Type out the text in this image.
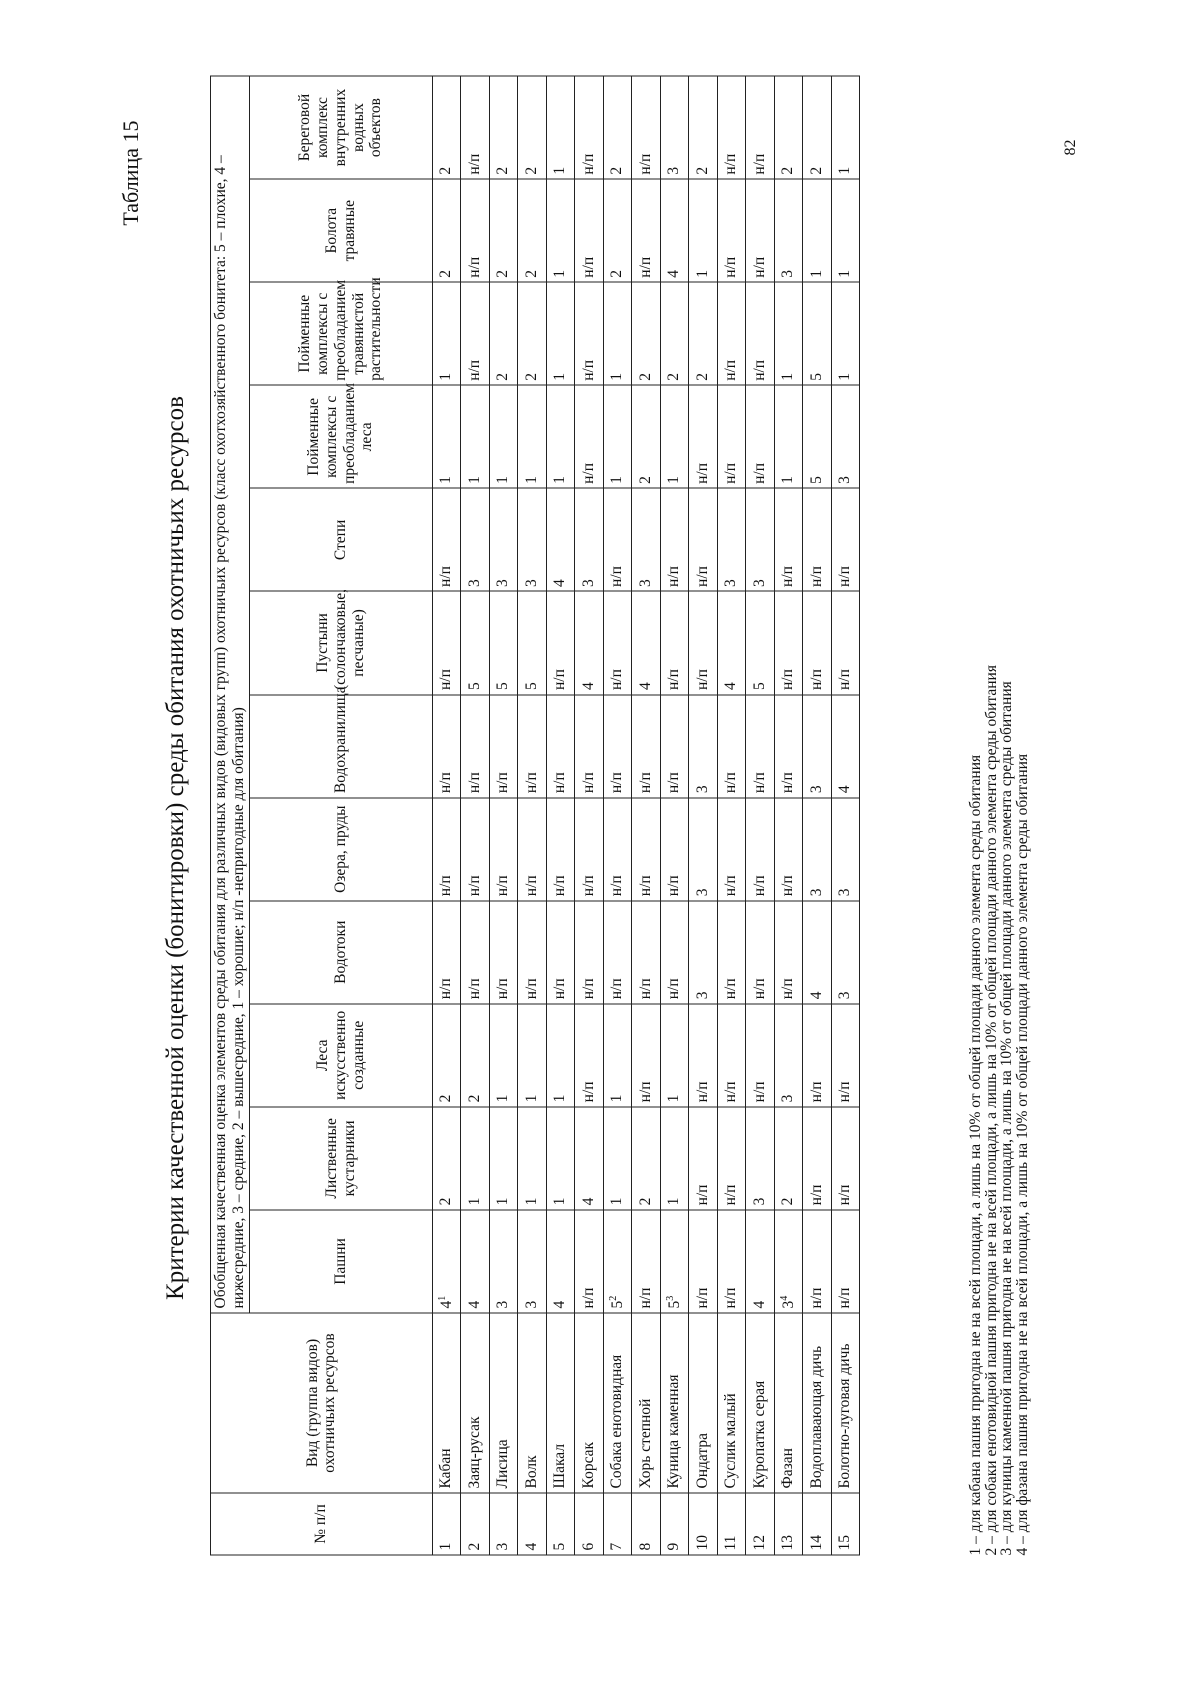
Таблица 15
Критерии качественной оценки (бонитировки) среды обитания охотничьих ресурсов
№ п/п	Вид (группа видов) охотничьих ресурсов	Обобщенная качественная оценка элементов среды обитания для различных видов (видовых групп) охотничьих ресурсов (класс охотхозяйственного бонитета: 5 – плохие, 4 – нижесредние, 3 – средние, 2 – вышесредние, 1 – хорошие; н/п -непригодные для обитания)											
		Пашни	Лиственные кустарники	Леса искусственно созданные	Водотоки	Озера, пруды	Водохранилища	Пустыни (солончаковые, песчаные)	Степи	Пойменные комплексы с преобладанием леса	Пойменные комплексы с преобладанием травянистой растительности	Болота травяные	Береговой комплекс внутренних водных объектов
1	Кабан	$4^1$	2	2	н/п	н/п	н/п	н/п	н/п	1	1	2	2
2	Заяц-русак	4	1	2	н/п	н/п	н/п	5	3	1	н/п	н/п	н/п
3	Лисица	3	1	1	н/п	н/п	н/п	5	3	1	2	2	2
4	Волк	3	1	1	н/п	н/п	н/п	5	3	1	2	2	2
5	Шакал	4	1	1	н/п	н/п	н/п	н/п	4	1	1	1	1
6	Корсак	н/п	4	н/п	н/п	н/п	н/п	4	3	н/п	н/п	н/п	н/п
7	Собака енотовидная	$5^2$	1	1	н/п	н/п	н/п	н/п	н/п	1	1	2	2
8	Хорь степной	н/п	2	н/п	н/п	н/п	н/п	4	3	2	2	н/п	н/п
9	Куница каменная	$5^3$	1	1	н/п	н/п	н/п	н/п	н/п	1	2	4	3
10	Ондатра	н/п	н/п	н/п	3	3	3	н/п	н/п	н/п	2	1	2
11	Суслик малый	н/п	н/п	н/п	н/п	н/п	н/п	4	3	н/п	н/п	н/п	н/п
12	Куропатка серая	4	3	н/п	н/п	н/п	н/п	5	3	н/п	н/п	н/п	н/п
13	Фазан	$3^4$	2	3	н/п	н/п	н/п	н/п	н/п	1	1	3	2
14	Водоплавающая дичь	н/п	н/п	н/п	4	3	3	н/п	н/п	5	5	1	2
15	Болотно-луговая дичь	н/п	н/п	н/п	3	3	4	н/п	н/п	3	1	1	1
1 – для кабана пашня пригодна не на всей площади, а лишь на 10% от общей площади данного элемента среды обитания
2 – для собаки енотовидной пашня пригодна не на всей площади, а лишь на 10% от общей площади данного элемента среды обитания
3 – для куницы каменной пашня пригодна не на всей площади, а лишь на 10% от общей площади данного элемента среды обитания
4 – для фазана пашня пригодна не на всей площади, а лишь на 10% от общей площади данного элемента среды обитания
82
